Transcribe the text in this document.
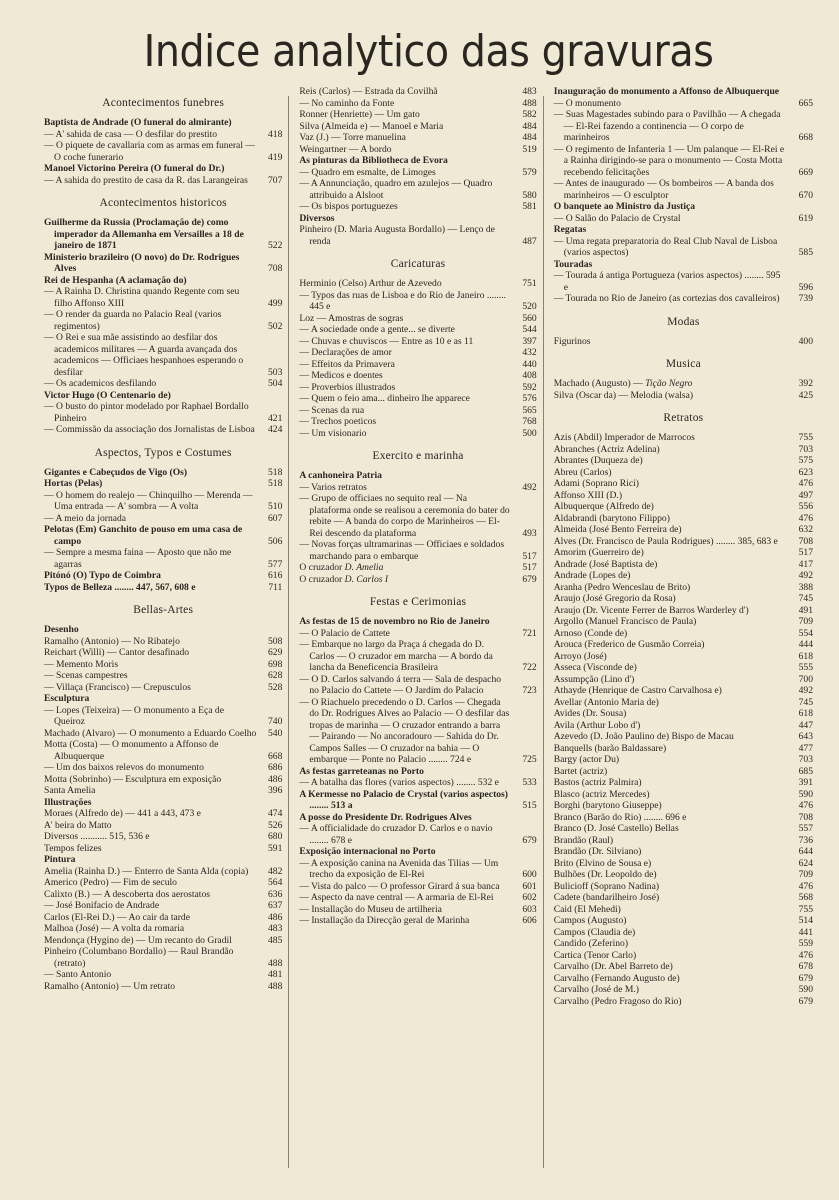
Indice analytico das gravuras
Acontecimentos funebres
Baptista de Andrade (O funeral do almirante)
— A' sahida de casa — O desfilar do prestito	418
— O piquete de cavallaria com as armas em funeral — O coche funerario	419
Manoel Victorino Pereira (O funeral do Dr.)
— A sahida do prestito de casa da R. das Larangeiras	707
Acontecimentos historicos
Guilherme da Russia (Proclamação de) como imperador da Allemanha em Versailles a 18 de janeiro de 1871	522
Ministerio brazileiro (O novo) do Dr. Rodrigues Alves	708
Rei de Hespanha (A aclamação do)
— A Rainha D. Christina quando Regente com seu filho Affonso XIII	499
— O render da guarda no Palacio Real (varios regimentos)	502
— O Rei e sua mãe assistindo ao desfilar dos academicos militares — A guarda avançada dos academicos — Officiaes hespanhoes esperando o desfilar	503
— Os academicos desfilando	504
Victor Hugo (O Centenario de)
— O busto do pintor modelado por Raphael Bordallo Pinheiro	421
— Commissão da associação dos Jornalistas de Lisboa	424
Aspectos, Typos e Costumes
Gigantes e Cabeçudos de Vigo (Os)	518
Hortas (Pelas)	518
— O homem do realejo — Chinquilho — Merenda — Uma entrada — A' sombra — A volta	510
— A meio da jornada	607
Pelotas (Em) Ganchito de pouso em uma casa de campo	506
— Sempre a mesma faina — Aposto que não me agarras	577
Pitónó (O) Typo de Coimbra	616
Typos de Belleza ........ 447, 567, 608 e	711
Bellas-Artes
Desenho
Ramalho (Antonio) — No Ribatejo	508
Reichart (Willi) — Cantor desafinado	629
— Memento Moris	698
— Scenas campestres	628
— Villaça (Francisco) — Crepusculos	528
Esculptura
— Lopes (Teixeira) — O monumento a Eça de Queiroz	740
Machado (Alvaro) — O monumento a Eduardo Coelho	540
Motta (Costa) — O monumento a Affonso de Albuquerque	668
— Um dos baixos relevos do monumento	686
Motta (Sobrinho) — Esculptura em exposição	486
Santa Amelia	396
Illustrações
Moraes (Alfredo de) — 441 a 443, 473 e	474
A' beira do Matto	526
Diversos ........... 515, 536 e	680
Tempos felizes	591
Pintura
Amelia (Rainha D.) — Enterro de Santa Alda (copia)	482
Americo (Pedro) — Fim de seculo	564
Calixto (B.) — A descoberta dos aerostatos	636
— José Bonifacio de Andrade	637
Carlos (El-Rei D.) — Ao cair da tarde	486
Malhoa (José) — A volta da romaria	483
Mendonça (Hygino de) — Um recanto do Gradil	485
Pinheiro (Columbano Bordallo) — Raul Brandão (retrato)	488
— Santo Antonio	481
Ramalho (Antonio) — Um retrato	488
Reis (Carlos) — Estrada da Covilhã	483
— No caminho da Fonte	488
Ronner (Henriette) — Um gato	582
Silva (Almeida e) — Manoel e Maria	484
Vaz (J.) — Torre manuelina	484
Weingartner — A bordo	519
As pinturas da Bibliotheca de Evora
— Quadro em esmalte, de Limoges	579
— A Annunciação, quadro em azulejos — Quadro attribuido a Alsloot	580
— Os bispos portuguezes	581
Diversos
Pinheiro (D. Maria Augusta Bordallo) — Lenço de renda	487
Caricaturas
Herminio (Celso) Arthur de Azevedo	751
— Typos das ruas de Lisboa e do Rio de Janeiro ........ 445 e	520
Loz — Amostras de sogras	560
— A sociedade onde a gente... se diverte	544
— Chuvas e chuviscos — Entre as 10 e as 11	397
— Declarações de amor	432
— Effeitos da Primavera	440
— Medicos e doentes	408
— Proverbios illustrados	592
— Quem o feio ama... dinheiro lhe apparece	576
— Scenas da rua	565
— Trechos poeticos	768
— Um visionario	500
Exercito e marinha
A canhoneira Patria
— Varios retratos	492
— Grupo de officiaes no sequito real — Na plataforma onde se realisou a ceremonia do bater do rebite — A banda do corpo de Marinheiros — El-Rei descendo da plataforma	493
— Novas forças ultramarinas — Officiaes e soldados marchando para o embarque	517
O cruzador D. Amelia	517
O cruzador D. Carlos I	679
Festas e Cerimonias
As festas de 15 de novembro no Rio de Janeiro
— O Palacio de Cattete	721
— Embarque no largo da Praça á chegada do D. Carlos — O cruzador em marcha — A bordo da lancha da Beneficencia Brasileira	722
— O D. Carlos salvando á terra — Sala de despacho no Palacio do Cattete — O Jardim do Palacio	723
— O Riachuelo precedendo o D. Carlos — Chegada do Dr. Rodrigues Alves ao Palacio — O desfilar das tropas de marinha — O cruzador entrando a barra — Pairando — No ancoradouro — Sahida do Dr. Campos Salles — O cruzador na bahia — O embarque — Ponte no Palacio ........ 724 e	725
As festas garreteanas no Porto
— A batalha das flores (varios aspectos) ........ 532 e	533
A Kermesse no Palacio de Crystal (varios aspectos) ........ 513 a	515
A posse do Presidente Dr. Rodrigues Alves
— A officialidade do cruzador D. Carlos e o navio ........ 678 e	679
Exposição internacional no Porto
— A exposição canina na Avenida das Tilias — Um trecho da exposição de El-Rei	600
— Vista do palco — O professor Girard á sua banca	601
— Aspecto da nave central — A armaria de El-Rei	602
— Installação do Museu de artilheria	603
— Installação da Direcção geral de Marinha	606
Inauguração do monumento a Affonso de Albuquerque
— O monumento	665
— Suas Magestades subindo para o Pavilhão — A chegada — El-Rei fazendo a continencia — O corpo de marinheiros	668
— O regimento de Infanteria 1 — Um palanque — El-Rei e a Rainha dirigindo-se para o monumento — Costa Motta recebendo felicitações	669
— Antes de inaugurado — Os bombeiros — A banda dos marinheiros — O esculptor	670
O banquete ao Ministro da Justiça
— O Salão do Palacio de Crystal	619
Regatas
— Uma regata preparatoria do Real Club Naval de Lisboa (varios aspectos)	585
Touradas
— Tourada á antiga Portugueza (varios aspectos) ........ 595 e	596
— Tourada no Rio de Janeiro (as cortezias dos cavalleiros)	739
Modas
Figurinos	400
Musica
Machado (Augusto) — Tição Negro	392
Silva (Oscar da) — Melodia (walsa)	425
Retratos
Azis (Abdil) Imperador de Marrocos	755
Abranches (Actriz Adelina)	703
Abrantes (Duqueza de)	575
Abreu (Carlos)	623
Adami (Soprano Rici)	476
Affonso XIII (D.)	497
Albuquerque (Alfredo de)	556
Aldabrandi (barytono Filippo)	476
Almeida (José Bento Ferreira de)	632
Alves (Dr. Francisco de Paula Rodrigues) ........ 385, 683 e	708
Amorim (Guerreiro de)	517
Andrade (José Baptista de)	417
Andrade (Lopes de)	492
Aranha (Pedro Wenceslau de Brito)	388
Araujo (José Gregorio da Rosa)	745
Araujo (Dr. Vicente Ferrer de Barros Warderley d')	491
Argollo (Manuel Francisco de Paula)	709
Arnoso (Conde de)	554
Arouca (Frederico de Gusmão Correia)	444
Arroyo (José)	618
Asseca (Visconde de)	555
Assumpção (Lino d')	700
Athayde (Henrique de Castro Carvalhosa e)	492
Avellar (Antonio Maria de)	745
Avides (Dr. Sousa)	618
Avila (Arthur Lobo d')	447
Azevedo (D. João Paulino de) Bispo de Macau	643
Banquells (barão Baldassare)	477
Bargy (actor Du)	703
Bartet (actriz)	685
Bastos (actriz Palmira)	391
Blasco (actriz Mercedes)	590
Borghi (barytono Giuseppe)	476
Branco (Barão do Rio) ........ 696 e	708
Branco (D. José Castello) Bellas	557
Brandão (Raul)	736
Brandão (Dr. Silviano)	644
Brito (Elvino de Sousa e)	624
Bulhões (Dr. Leopoldo de)	709
Bulicioff (Soprano Nadina)	476
Cadete (bandarilheiro José)	568
Caid (El Mehedi)	755
Campos (Augusto)	514
Campos (Claudia de)	441
Candido (Zeferino)	559
Cartica (Tenor Carlo)	476
Carvalho (Dr. Abel Barreto de)	678
Carvalho (Fernando Augusto de)	679
Carvalho (José de M.)	590
Carvalho (Pedro Fragoso do Rio)	679
